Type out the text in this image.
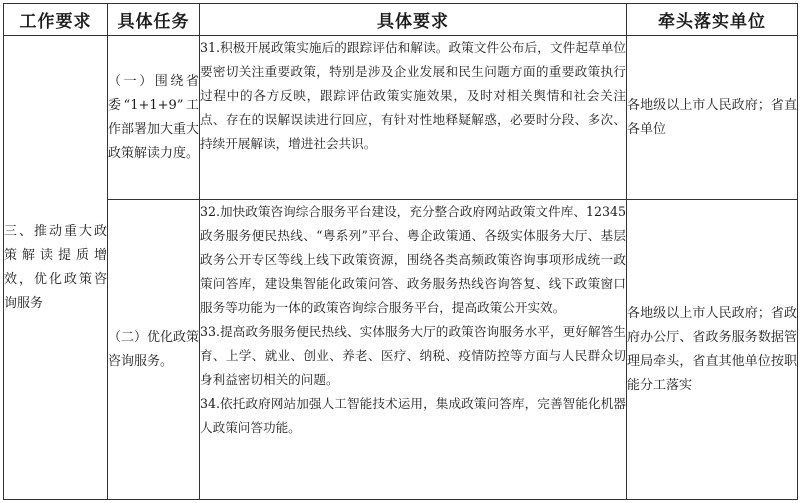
工作要求	具体任务	具体要求	牵头落实单位
三、推动重大政策解读提质增效，优化政策咨询服务	（一）围绕省委“1+1+9”工作部署加大重大政策解读力度。	31.积极开展政策实施后的跟踪评估和解读。政策文件公布后，文件起草单位要密切关注重要政策，特别是涉及企业发展和民生问题方面的重要政策执行过程中的各方反映，跟踪评估政策实施效果，及时对相关舆情和社会关注点、存在的误解误读进行回应，有针对性地释疑解惑，必要时分段、多次、持续开展解读，增进社会共识。	各地级以上市人民政府；省直各单位
	（二）优化政策咨询服务。	32.加快政策咨询综合服务平台建设，充分整合政府网站政策文件库、12345政务服务便民热线、“粤系列”平台、粤企政策通、各级实体服务大厅、基层政务公开专区等线上线下政策资源，围绕各类高频政策咨询事项形成统一政策问答库，建设集智能化政策问答、政务服务热线咨询答复、线下政策窗口服务等功能为一体的政策咨询综合服务平台，提高政策公开实效。

33.提高政务服务便民热线、实体服务大厅的政策咨询服务水平，更好解答生育、上学、就业、创业、养老、医疗、纳税、疫情防控等方面与人民群众切身利益密切相关的问题。

34.依托政府网站加强人工智能技术运用，集成政策问答库，完善智能化机器人政策问答功能。	各地级以上市人民政府；省政府办公厅、省政务服务数据管理局牵头，省直其他单位按职能分工落实
